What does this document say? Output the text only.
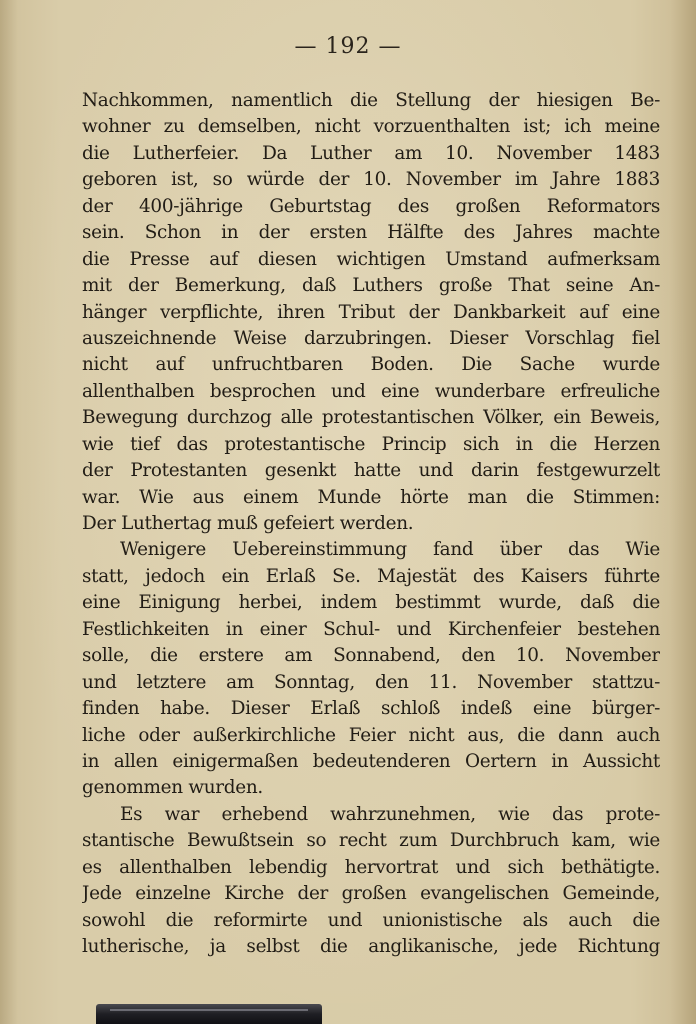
— 192 —
Nachkommen, namentlich die Stellung der hiesigen Be-
wohner zu demselben, nicht vorzuenthalten ist; ich meine
die Lutherfeier. Da Luther am 10. November 1483
geboren ist, so würde der 10. November im Jahre 1883
der 400-jährige Geburtstag des großen Reformators
sein. Schon in der ersten Hälfte des Jahres machte
die Presse auf diesen wichtigen Umstand aufmerksam
mit der Bemerkung, daß Luthers große That seine An-
hänger verpflichte, ihren Tribut der Dankbarkeit auf eine
auszeichnende Weise darzubringen. Dieser Vorschlag fiel
nicht auf unfruchtbaren Boden. Die Sache wurde
allenthalben besprochen und eine wunderbare erfreuliche
Bewegung durchzog alle protestantischen Völker, ein Beweis,
wie tief das protestantische Princip sich in die Herzen
der Protestanten gesenkt hatte und darin festgewurzelt
war. Wie aus einem Munde hörte man die Stimmen:
Der Luthertag muß gefeiert werden.
Wenigere Uebereinstimmung fand über das Wie
statt, jedoch ein Erlaß Se. Majestät des Kaisers führte
eine Einigung herbei, indem bestimmt wurde, daß die
Festlichkeiten in einer Schul- und Kirchenfeier bestehen
solle, die erstere am Sonnabend, den 10. November
und letztere am Sonntag, den 11. November stattzu-
finden habe. Dieser Erlaß schloß indeß eine bürger-
liche oder außerkirchliche Feier nicht aus, die dann auch
in allen einigermaßen bedeutenderen Oertern in Aussicht
genommen wurden.
Es war erhebend wahrzunehmen, wie das prote-
stantische Bewußtsein so recht zum Durchbruch kam, wie
es allenthalben lebendig hervortrat und sich bethätigte.
Jede einzelne Kirche der großen evangelischen Gemeinde,
sowohl die reformirte und unionistische als auch die
lutherische, ja selbst die anglikanische, jede Richtung
